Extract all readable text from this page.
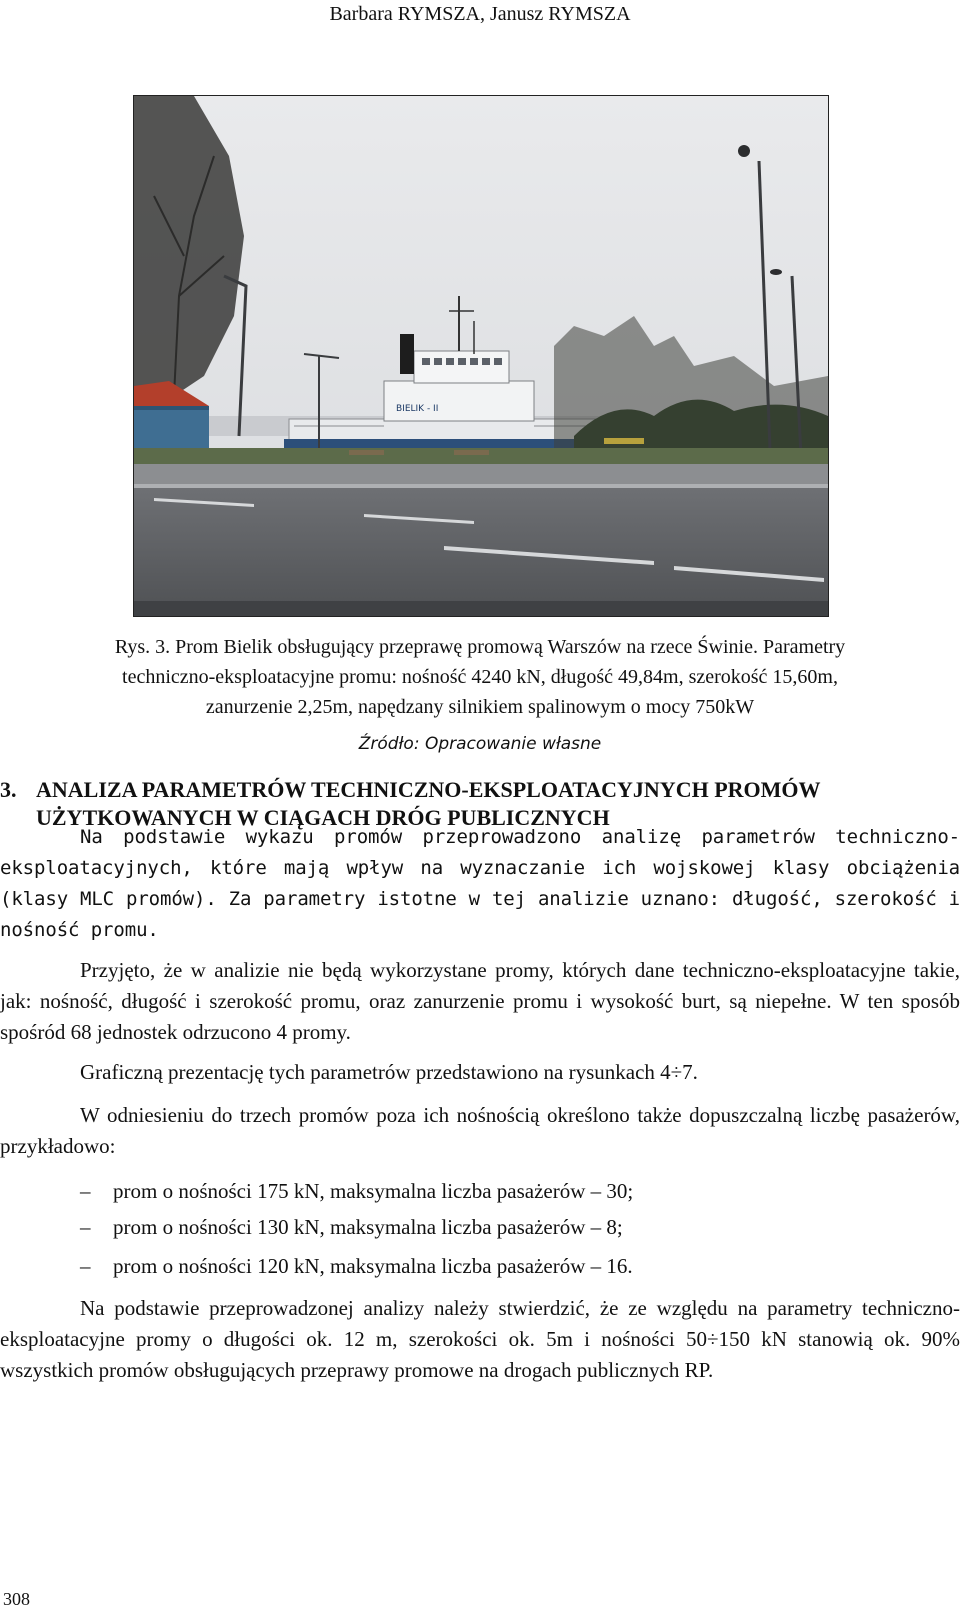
Barbara RYMSZA, Janusz RYMSZA
BIELIK - II
Rys. 3. Prom Bielik obsługujący przeprawę promową Warszów na rzece Świnie. Parametry
techniczno-eksploatacyjne promu: nośność 4240 kN, długość 49,84m, szerokość 15,60m,
zanurzenie 2,25m, napędzany silnikiem spalinowym o mocy 750kW
Źródło: Opracowanie własne
3. ANALIZA PARAMETRÓW TECHNICZNO-EKSPLOATACYJNYCH PROMÓW
UŻYTKOWANYCH W CIĄGACH DRÓG PUBLICZNYCH

Na podstawie wykazu promów przeprowadzono analizę parametrów techniczno-eksploatacyjnych, które mają wpływ na wyznaczanie ich wojskowej klasy obciążenia (klasy MLC promów). Za parametry istotne w tej analizie uznano: długość, szerokość i nośność promu.

Przyjęto, że w analizie nie będą wykorzystane promy, których dane techniczno-eksploatacyjne takie, jak: nośność, długość i szerokość promu, oraz zanurzenie promu i wysokość burt, są niepełne. W ten sposób spośród 68 jednostek odrzucono 4 promy.

Graficzną prezentację tych parametrów przedstawiono na rysunkach 4÷7.

W odniesieniu do trzech promów poza ich nośnością określono także dopuszczalną liczbę pasażerów, przykładowo:

–	prom o nośności 175 kN, maksymalna liczba pasażerów – 30;
–	prom o nośności 130 kN, maksymalna liczba pasażerów – 8;
–	prom o nośności 120 kN, maksymalna liczba pasażerów – 16.

Na podstawie przeprowadzonej analizy należy stwierdzić, że ze względu na parametry techniczno-eksploatacyjne promy o długości ok. 12 m, szerokości ok. 5m i nośności 50÷150 kN stanowią ok. 90% wszystkich promów obsługujących przeprawy promowe na drogach publicznych RP.

308
